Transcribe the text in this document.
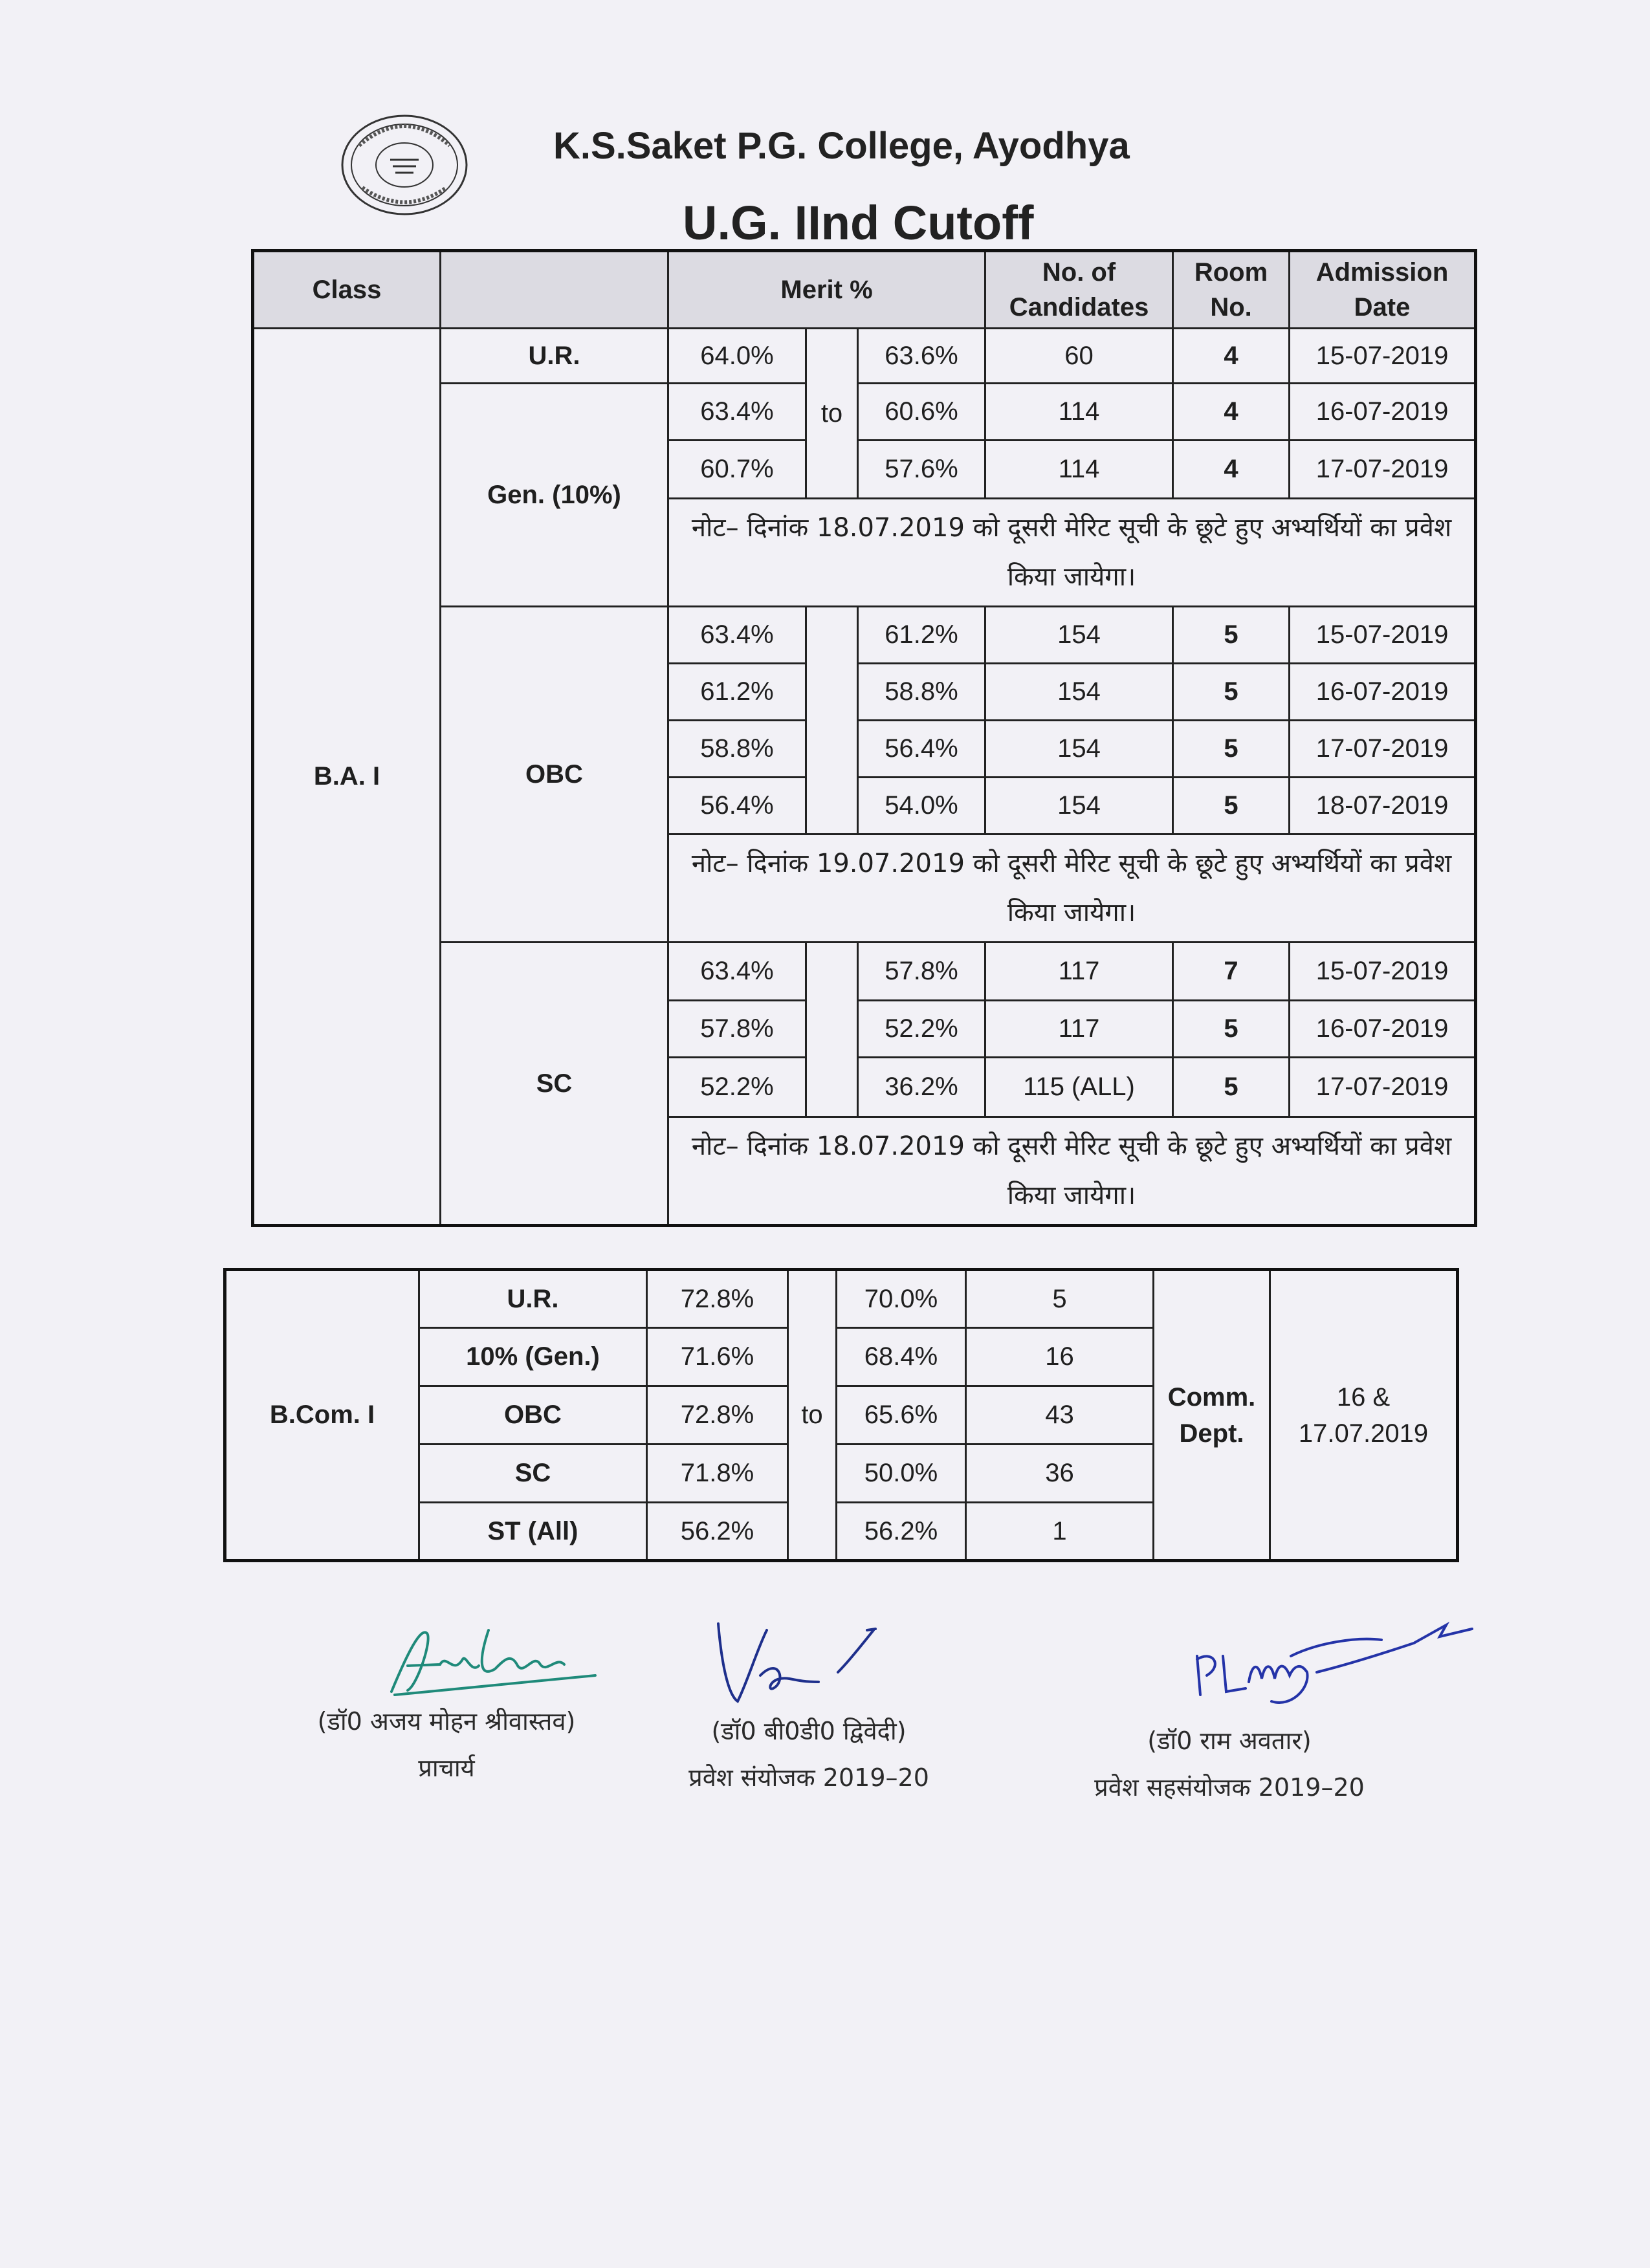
K.S.Saket P.G. College, Ayodhya
U.G. IInd Cutoff
Class		Merit %			No. of Candidates	Room No.	Admission Date
B.A. I	U.R.	64.0%	to	63.6%	60	4	15-07-2019
	Gen. (10%)	63.4%		60.6%	114	4	16-07-2019
		60.7%		57.6%	114	4	17-07-2019
		नोट– दिनांक 18.07.2019 को दूसरी मेरिट सूची के छूटे हुए अभ्यर्थियों का प्रवेश किया जायेगा।					
	OBC	63.4%		61.2%	154	5	15-07-2019
		61.2%		58.8%	154	5	16-07-2019
		58.8%		56.4%	154	5	17-07-2019
		56.4%		54.0%	154	5	18-07-2019
		नोट– दिनांक 19.07.2019 को दूसरी मेरिट सूची के छूटे हुए अभ्यर्थियों का प्रवेश किया जायेगा।					
	SC	63.4%		57.8%	117	7	15-07-2019
		57.8%		52.2%	117	5	16-07-2019
		52.2%		36.2%	115 (ALL)	5	17-07-2019
		नोट– दिनांक 18.07.2019 को दूसरी मेरिट सूची के छूटे हुए अभ्यर्थियों का प्रवेश किया जायेगा।					
B.Com. I	U.R.	72.8%	to	70.0%	5	Comm. Dept.	16 & 17.07.2019
	10% (Gen.)	71.6%		68.4%	16		
	OBC	72.8%		65.6%	43		
	SC	71.8%		50.0%	36		
	ST (All)	56.2%		56.2%	1		
(डॉ0 अजय मोहन श्रीवास्तव)
प्राचार्य
(डॉ0 बी0डी0 द्विवेदी)
प्रवेश संयोजक 2019–20
(डॉ0 राम अवतार)
प्रवेश सहसंयोजक 2019–20
